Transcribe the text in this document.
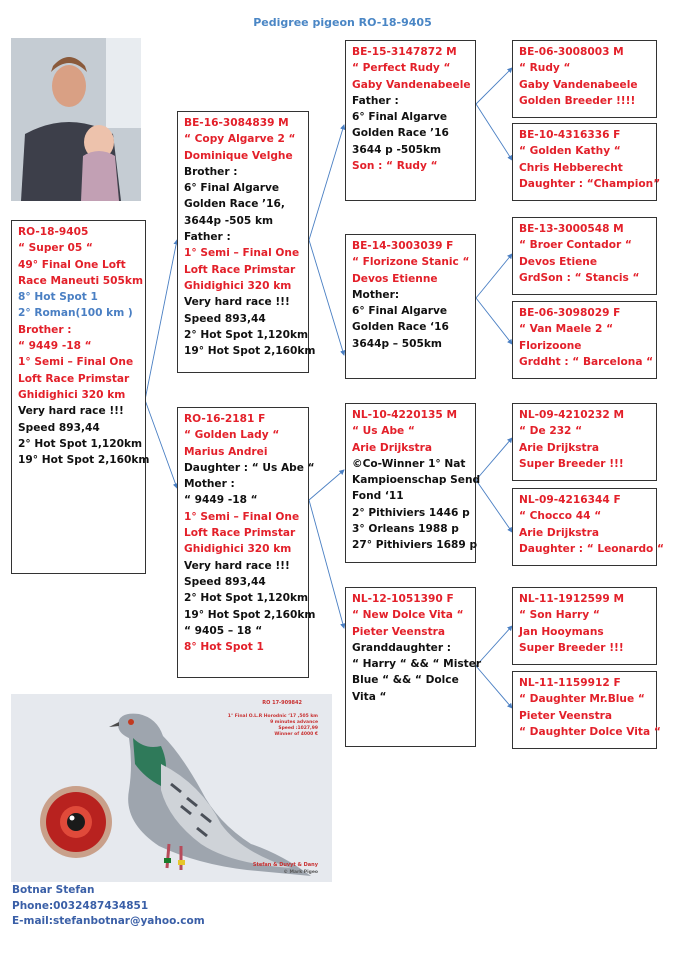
Pedigree pigeon RO-18-9405
RO-18-9405
“ Super 05 “
49° Final One Loft
Race Maneuti 505km
8° Hot Spot 1
2° Roman(100 km )
Brother :
“ 9449 -18 “
1° Semi – Final One
Loft Race Primstar
Ghidighici 320 km
Very hard race !!!
Speed 893,44
2° Hot Spot 1,120km
19° Hot Spot 2,160km
BE-16-3084839 M
“ Copy Algarve 2 “
Dominique Velghe
Brother :
6° Final Algarve
Golden Race ’16,
3644p -505 km
Father :
1° Semi – Final One
Loft Race Primstar
Ghidighici 320 km
Very hard race !!!
Speed 893,44
2° Hot Spot 1,120km
19° Hot Spot 2,160km
RO-16-2181 F
“ Golden Lady “
Marius Andrei
Daughter : “ Us Abe “
Mother :
“ 9449 -18 “
1° Semi – Final One
Loft Race Primstar
Ghidighici 320 km
Very hard race !!!
Speed 893,44
2° Hot Spot 1,120km
19° Hot Spot 2,160km
“ 9405 – 18 “
8° Hot Spot 1
BE-15-3147872 M
“ Perfect Rudy “
Gaby Vandenabeele
Father :
6° Final Algarve
Golden Race ’16
3644 p -505km
Son : “ Rudy “
BE-14-3003039 F
“ Florizone Stanic “
Devos Etienne
Mother:
6° Final Algarve
Golden Race ‘16
3644p – 505km
NL-10-4220135 M
“ Us Abe “
Arie Drijkstra
©Co-Winner 1° Nat
Kampioenschap Send
Fond ‘11
2° Pithiviers 1446 p
3° Orleans 1988 p
27° Pithiviers 1689 p
NL-12-1051390 F
“ New Dolce Vita “
Pieter Veenstra
Granddaughter :
“ Harry “ && “ Mister
Blue “ && “ Dolce
Vita “
BE-06-3008003 M
“ Rudy “
Gaby Vandenabeele
Golden Breeder !!!!
BE-10-4316336 F
“ Golden Kathy “
Chris Hebberecht
Daughter : “Champion”
BE-13-3000548 M
“ Broer Contador “
Devos Etiene
GrdSon : “ Stancis “
BE-06-3098029 F
“ Van Maele 2 “
Florizoone
Grddht : “ Barcelona “
NL-09-4210232 M
“ De 232 “
Arie Drijkstra
Super Breeder !!!
NL-09-4216344 F
“ Chocco 44 “
Arie Drijkstra
Daughter : “ Leonardo “
NL-11-1912599 M
“ Son Harry “
Jan Hooymans
Super Breeder !!!
NL-11-1159912 F
“ Daughter Mr.Blue “
Pieter Veenstra
“ Daughter Dolce Vita “
RO 17-909842
1° Final O.L.R Horodnic ‘17 ,505 km
9 minutes advance
Speed :1027,99
Winner of 4000 €
Stefan & Duvyt & Dany
© Mark Pigeo
Botnar Stefan
Phone:0032487434851
E-mail:stefanbotnar@yahoo.com
